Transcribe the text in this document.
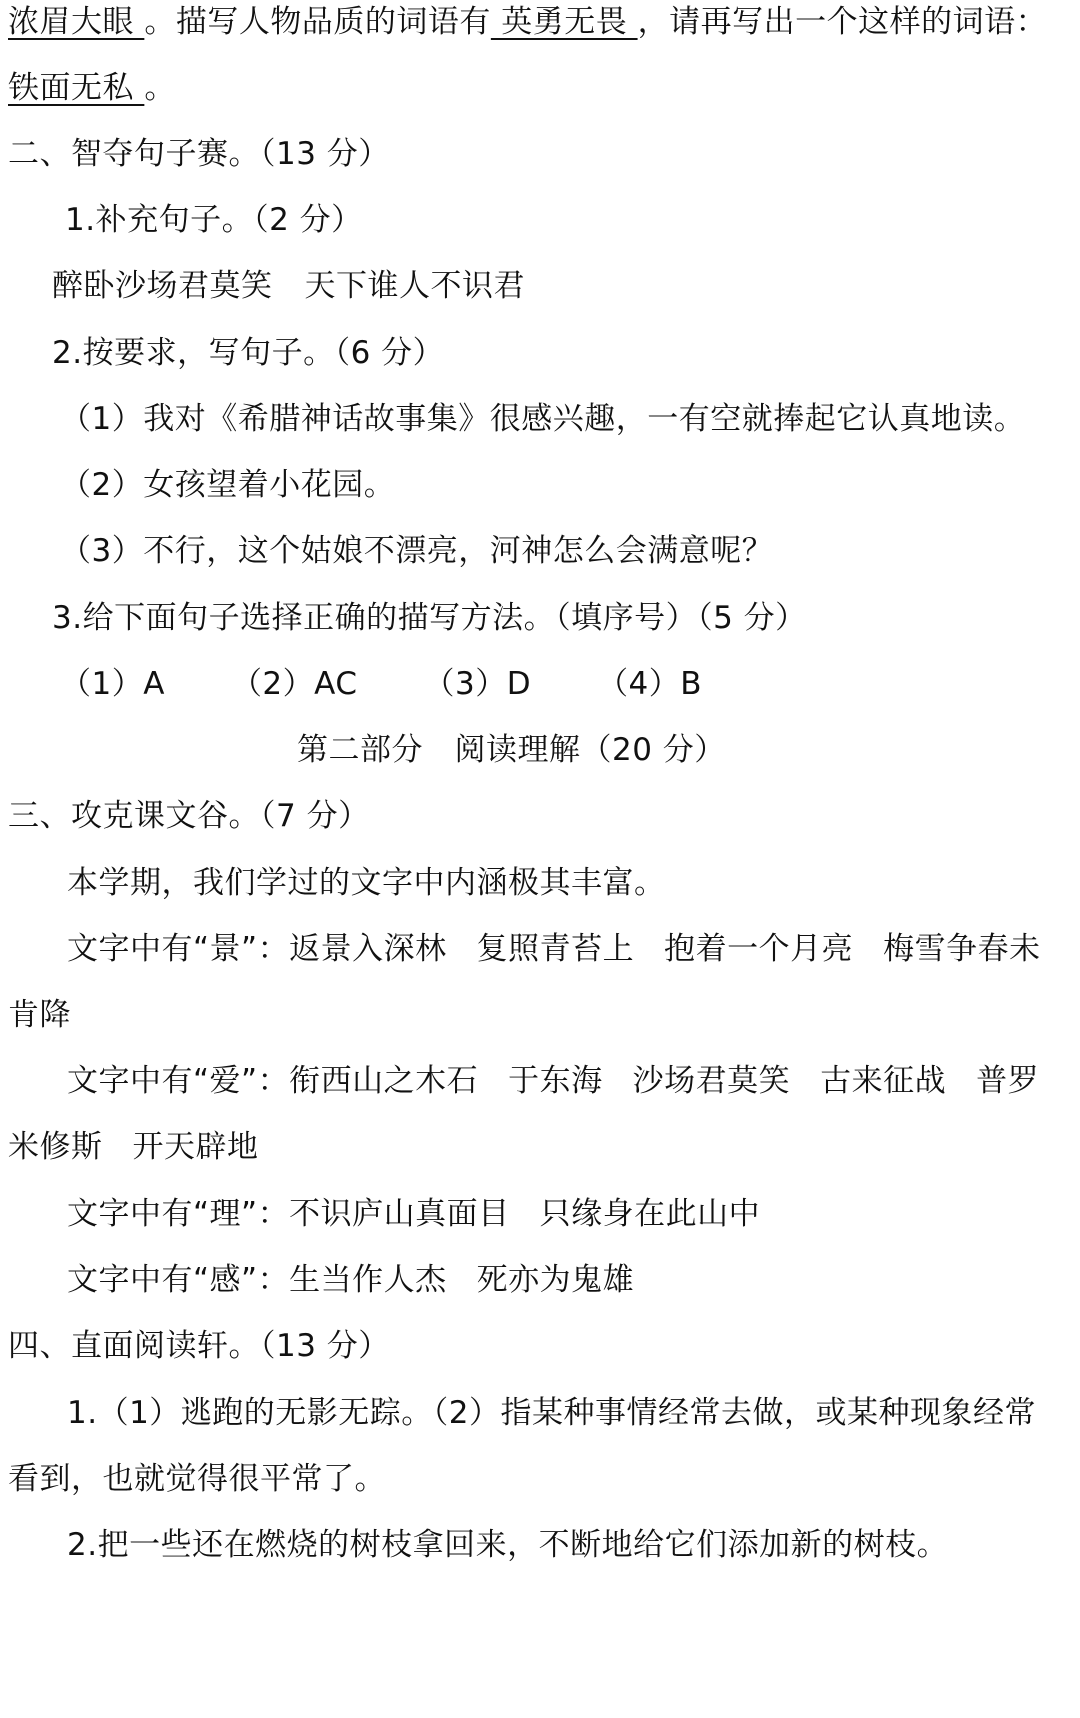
浓眉大眼 。描写人物品质的词语有 英勇无畏 ，请再写出一个这样的词语：
铁面无私 。
二、智夺句子赛。（13 分）
1.补充句子。（2 分）
醉卧沙场君莫笑 天下谁人不识君
2.按要求，写句子。（6 分）
（1）我对《希腊神话故事集》很感兴趣，一有空就捧起它认真地读。
（2）女孩望着小花园。
（3）不行，这个姑娘不漂亮，河神怎么会满意呢？
3.给下面句子选择正确的描写方法。（填序号）（5 分）
（1）A （2）AC （3）D （4）B
第二部分　阅读理解（20 分）
三、攻克课文谷。（7 分）
本学期，我们学过的文字中内涵极其丰富。
文字中有“景”：返景入深林 复照青苔上 抱着一个月亮 梅雪争春未
肯降
文字中有“爱”：衔西山之木石 于东海 沙场君莫笑 古来征战 普罗
米修斯 开天辟地
文字中有“理”：不识庐山真面目 只缘身在此山中
文字中有“感”：生当作人杰 死亦为鬼雄
四、直面阅读轩。（13 分）
1.（1）逃跑的无影无踪。（2）指某种事情经常去做，或某种现象经常
看到，也就觉得很平常了。
2.把一些还在燃烧的树枝拿回来，不断地给它们添加新的树枝。
